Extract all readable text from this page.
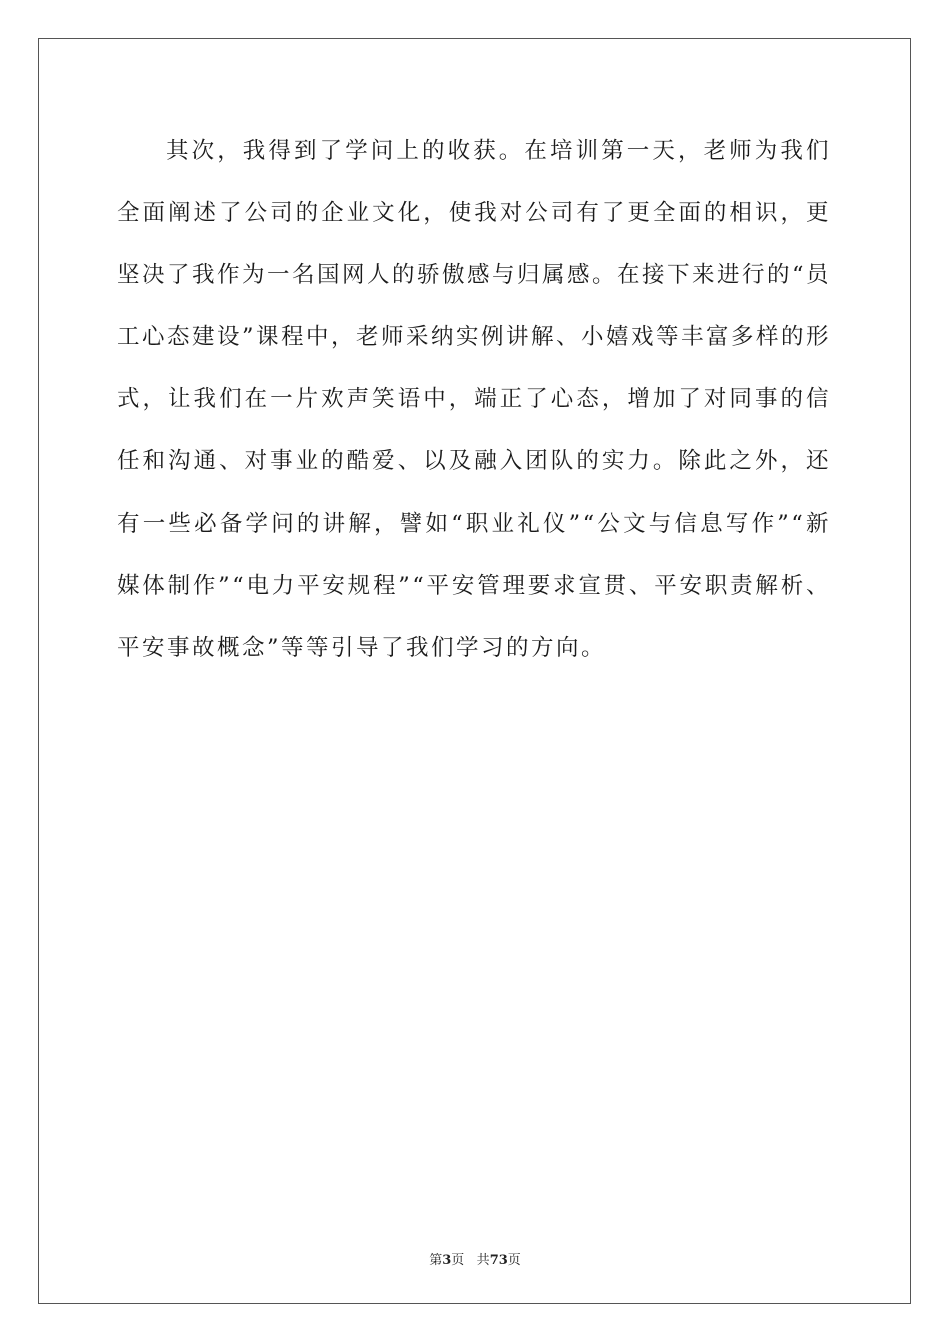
其次，我得到了学问上的收获。在培训第一天，老师为我们全面阐述了公司的企业文化，使我对公司有了更全面的相识，更坚决了我作为一名国网人的骄傲感与归属感。在接下来进行的“员工心态建设”课程中，老师采纳实例讲解、小嬉戏等丰富多样的形式，让我们在一片欢声笑语中，端正了心态，增加了对同事的信任和沟通、对事业的酷爱、以及融入团队的实力。除此之外，还有一些必备学问的讲解，譬如“职业礼仪”“公文与信息写作”“新媒体制作”“电力平安规程”“平安管理要求宣贯、平安职责解析、平安事故概念”等等引导了我们学习的方向。

第3页 共73页
